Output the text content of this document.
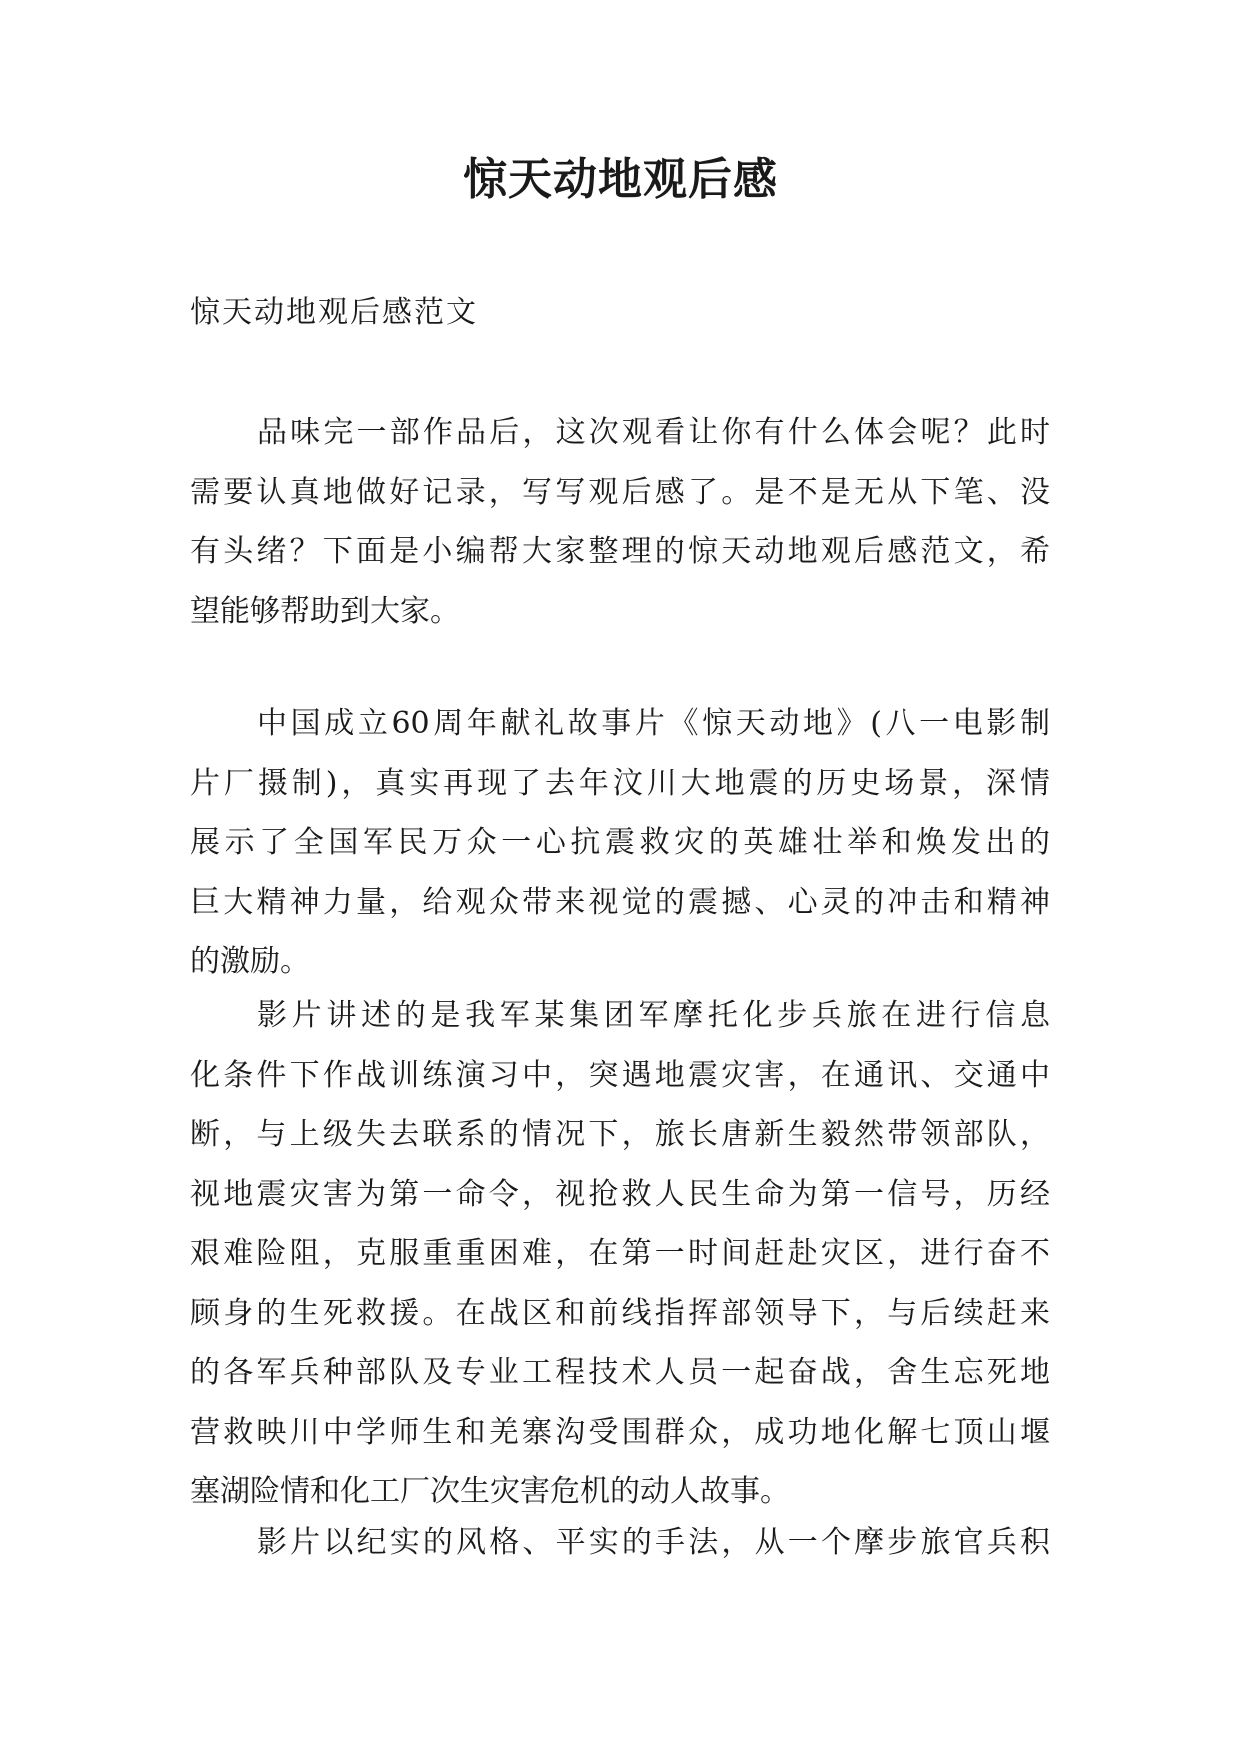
惊天动地观后感
惊天动地观后感范文
品味完一部作品后，这次观看让你有什么体会呢？此时
需要认真地做好记录，写写观后感了。是不是无从下笔、没
有头绪？下面是小编帮大家整理的惊天动地观后感范文，希
望能够帮助到大家。
中国成立60周年献礼故事片《惊天动地》(八一电影制
片厂摄制)，真实再现了去年汶川大地震的历史场景，深情
展示了全国军民万众一心抗震救灾的英雄壮举和焕发出的
巨大精神力量，给观众带来视觉的震撼、心灵的冲击和精神
的激励。
影片讲述的是我军某集团军摩托化步兵旅在进行信息
化条件下作战训练演习中，突遇地震灾害，在通讯、交通中
断，与上级失去联系的情况下，旅长唐新生毅然带领部队，
视地震灾害为第一命令，视抢救人民生命为第一信号，历经
艰难险阻，克服重重困难，在第一时间赶赴灾区，进行奋不
顾身的生死救援。在战区和前线指挥部领导下，与后续赶来
的各军兵种部队及专业工程技术人员一起奋战，舍生忘死地
营救映川中学师生和羌寨沟受围群众，成功地化解七顶山堰
塞湖险情和化工厂次生灾害危机的动人故事。
影片以纪实的风格、平实的手法，从一个摩步旅官兵积
